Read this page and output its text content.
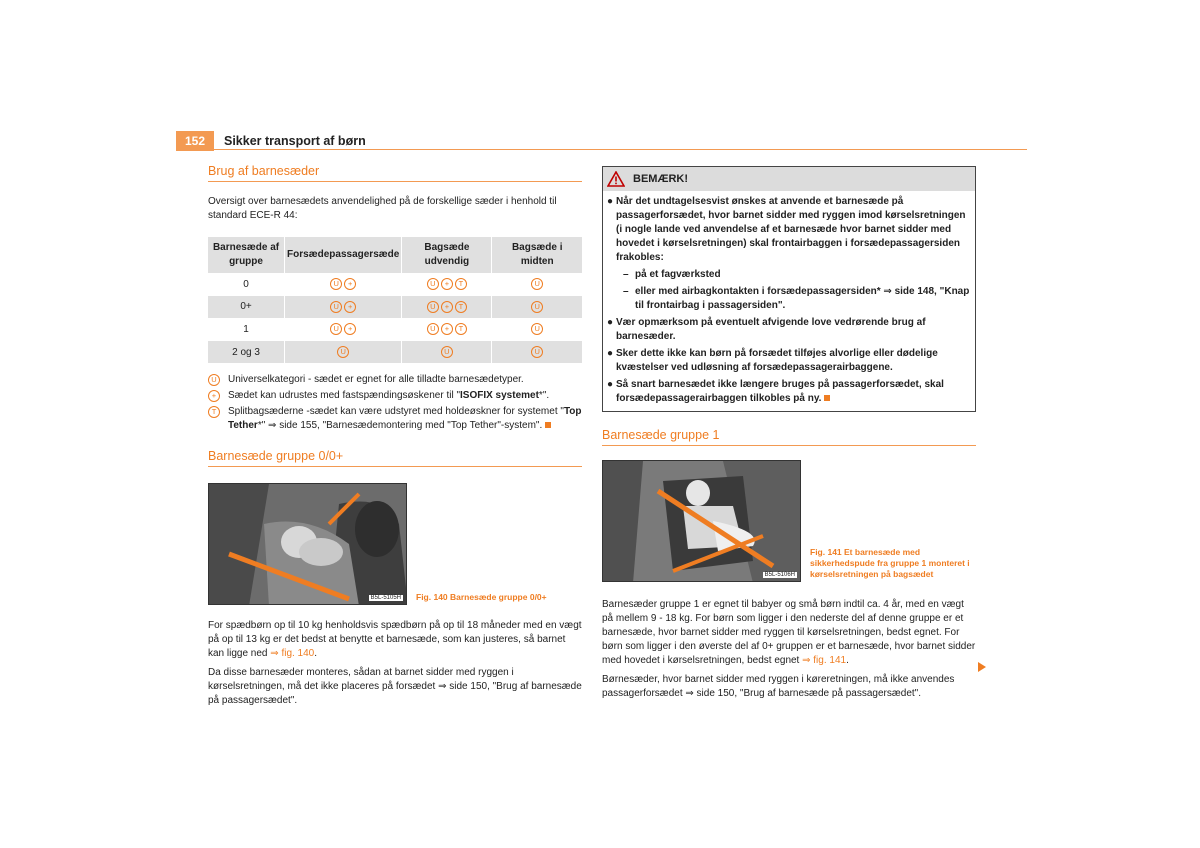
152	Sikker transport af børn
Brug af barnesæder

Oversigt over barnesædets anvendelighed på de forskellige sæder i henhold til standard ECE-R 44:

Barnesæde af gruppe	Forsædepassagersæde	Bagsæde udvendig	Bagsæde i midten
0	U +	U + T	U
0+	U +	U + T	U
1	U +	U + T	U
2 og 3	U	U	U
U	Universelkategori - sædet er egnet for alle tilladte barnesædetyper.
+	Sædet kan udrustes med fastspændingsøskener til "ISOFIX systemet*".
T	Splitbagsæderne -sædet kan være udstyret med holdeøskner for systemet "Top Tether*" ⇒ side 155, "Barnesædemontering med "Top Tether"-system".
Barnesæde gruppe 0/0+
B5L-5105H Fig. 140 Barnesæde gruppe 0/0+

For spædbørn op til 10 kg henholdsvis spædbørn på op til 18 måneder med en vægt på op til 13 kg er det bedst at benytte et barnesæde, som kan justeres, så barnet kan ligge ned ⇒ fig. 140.

Da disse barnesæder monteres, sådan at barnet sidder med ryggen i kørselsretningen, må det ikke placeres på forsædet ⇒ side 150, "Brug af barnesæde på passagersædet".

BEMÆRK!
● Når det undtagelsesvist ønskes at anvende et barnesæde på passagerforsædet, hvor barnet sidder med ryggen imod kørselsretningen (i nogle lande ved anvendelse af et barnesæde hvor barnet sidder med hovedet i kørselsretningen) skal frontairbaggen i forsædepassagersiden frakobles:
– på et fagværksted
– eller med airbagkontakten i forsædepassagersiden* ⇒ side 148, "Knap til frontairbag i passagersiden".
● Vær opmærksom på eventuelt afvigende love vedrørende brug af barnesæder.
● Sker dette ikke kan børn på forsædet tilføjes alvorlige eller dødelige kvæstelser ved udløsning af forsædepassagerairbaggene.
● Så snart barnesædet ikke længere bruges på passagerforsædet, skal forsædepassagerairbaggen tilkobles på ny.
Barnesæde gruppe 1
B5L-5106H
Fig. 141 Et barnesæde med sikkerhedspude fra gruppe 1 monteret i kørselsretningen på bagsædet

Barnesæder gruppe 1 er egnet til babyer og små børn indtil ca. 4 år, med en vægt på mellem 9 - 18 kg. For børn som ligger i den nederste del af denne gruppe er et barnesæde, hvor barnet sidder med ryggen til kørselsretningen, bedst egnet. For børn som ligger i den øverste del af 0+ gruppen er et barnesæde, hvor barnet sidder med hovedet i kørselsretningen, bedst egnet ⇒ fig. 141.

Børnesæder, hvor barnet sidder med ryggen i køreretningen, må ikke anvendes passagerforsædet ⇒ side 150, "Brug af barnesæde på passagersædet".
